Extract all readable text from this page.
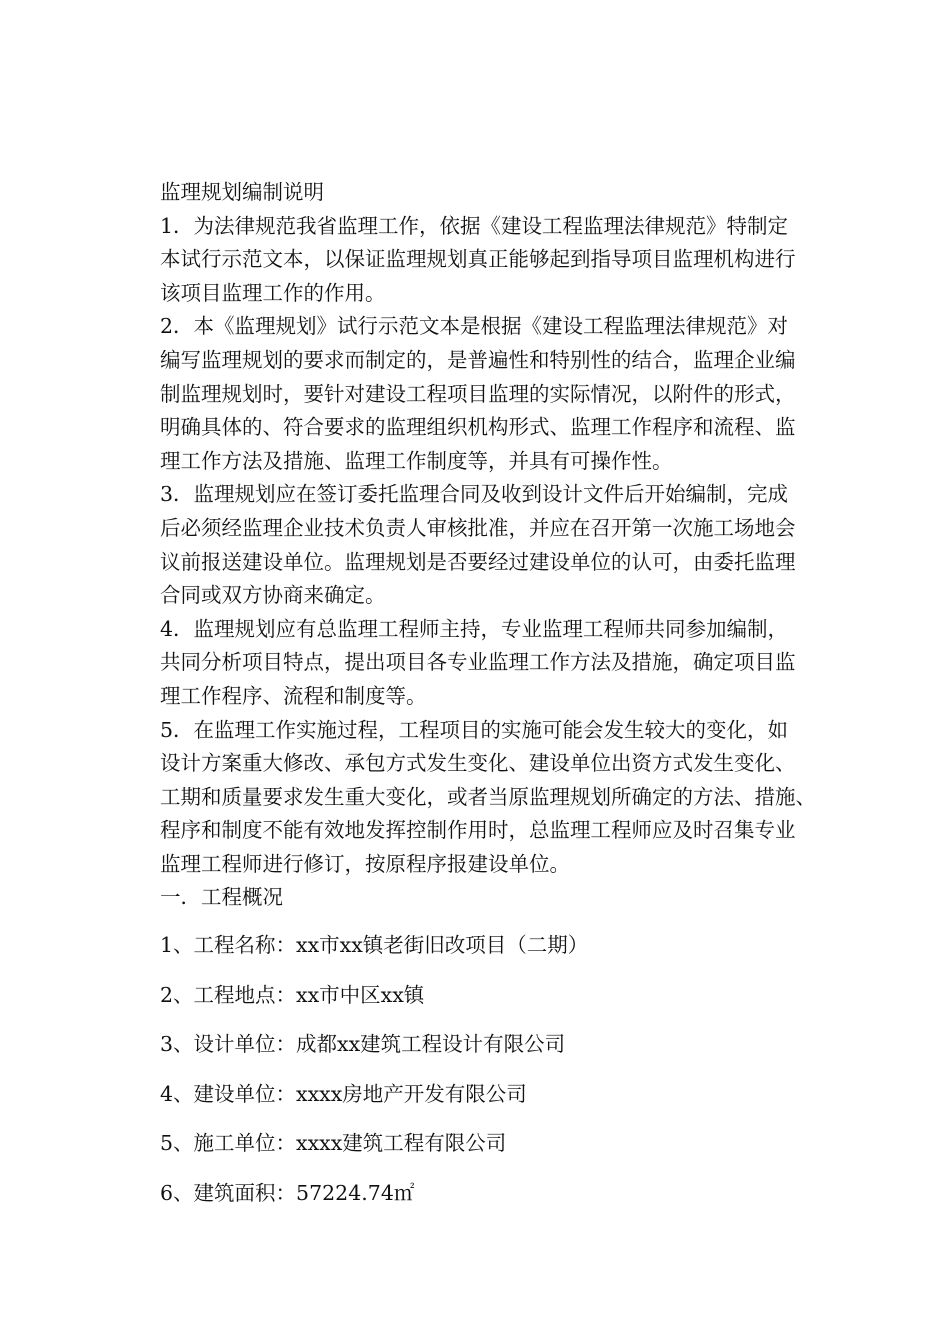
监理规划编制说明
1．为法律规范我省监理工作，依据《建设工程监理法律规范》特制定
本试行示范文本，以保证监理规划真正能够起到指导项目监理机构进行
该项目监理工作的作用。
2．本《监理规划》试行示范文本是根据《建设工程监理法律规范》对
编写监理规划的要求而制定的，是普遍性和特别性的结合，监理企业编
制监理规划时，要针对建设工程项目监理的实际情况，以附件的形式，
明确具体的、符合要求的监理组织机构形式、监理工作程序和流程、监
理工作方法及措施、监理工作制度等，并具有可操作性。
3．监理规划应在签订委托监理合同及收到设计文件后开始编制，完成
后必须经监理企业技术负责人审核批准，并应在召开第一次施工场地会
议前报送建设单位。监理规划是否要经过建设单位的认可，由委托监理
合同或双方协商来确定。
4．监理规划应有总监理工程师主持，专业监理工程师共同参加编制，
共同分析项目特点，提出项目各专业监理工作方法及措施，确定项目监
理工作程序、流程和制度等。
5．在监理工作实施过程，工程项目的实施可能会发生较大的变化，如
设计方案重大修改、承包方式发生变化、建设单位出资方式发生变化、
工期和质量要求发生重大变化，或者当原监理规划所确定的方法、措施、
程序和制度不能有效地发挥控制作用时，总监理工程师应及时召集专业
监理工程师进行修订，按原程序报建设单位。
一．工程概况
1、工程名称：xx市xx镇老街旧改项目（二期）
2、工程地点：xx市中区xx镇
3、设计单位：成都xx建筑工程设计有限公司
4、建设单位：xxxx房地产开发有限公司
5、施工单位：xxxx建筑工程有限公司
6、建筑面积：57224.74㎡
